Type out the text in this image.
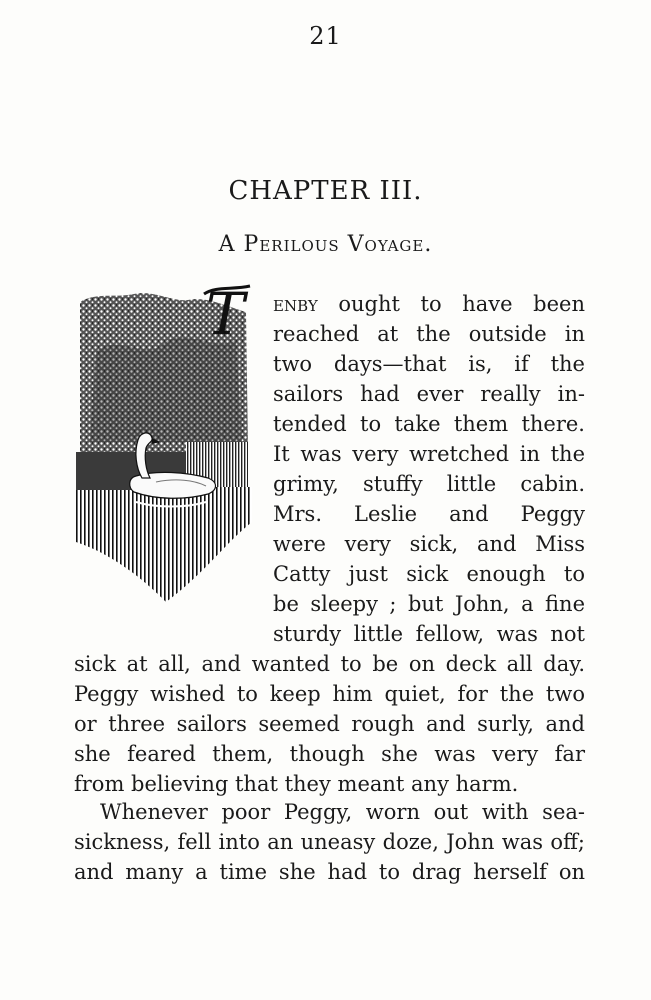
21
CHAPTER III.
A Perilous Voyage.
T enby ought to have been
reached at the outside in
two days—that is, if the
sailors had ever really in-
tended to take them there.
It was very wretched in the
grimy, stuffy little cabin.
Mrs. Leslie and Peggy
were very sick, and Miss
Catty just sick enough to
be sleepy ; but John, a fine
sturdy little fellow, was not
sick at all, and wanted to be on deck all day.
Peggy wished to keep him quiet, for the two
or three sailors seemed rough and surly, and
she feared them, though she was very far
from believing that they meant any harm.
Whenever poor Peggy, worn out with sea-
sickness, fell into an uneasy doze, John was off;
and many a time she had to drag herself on
